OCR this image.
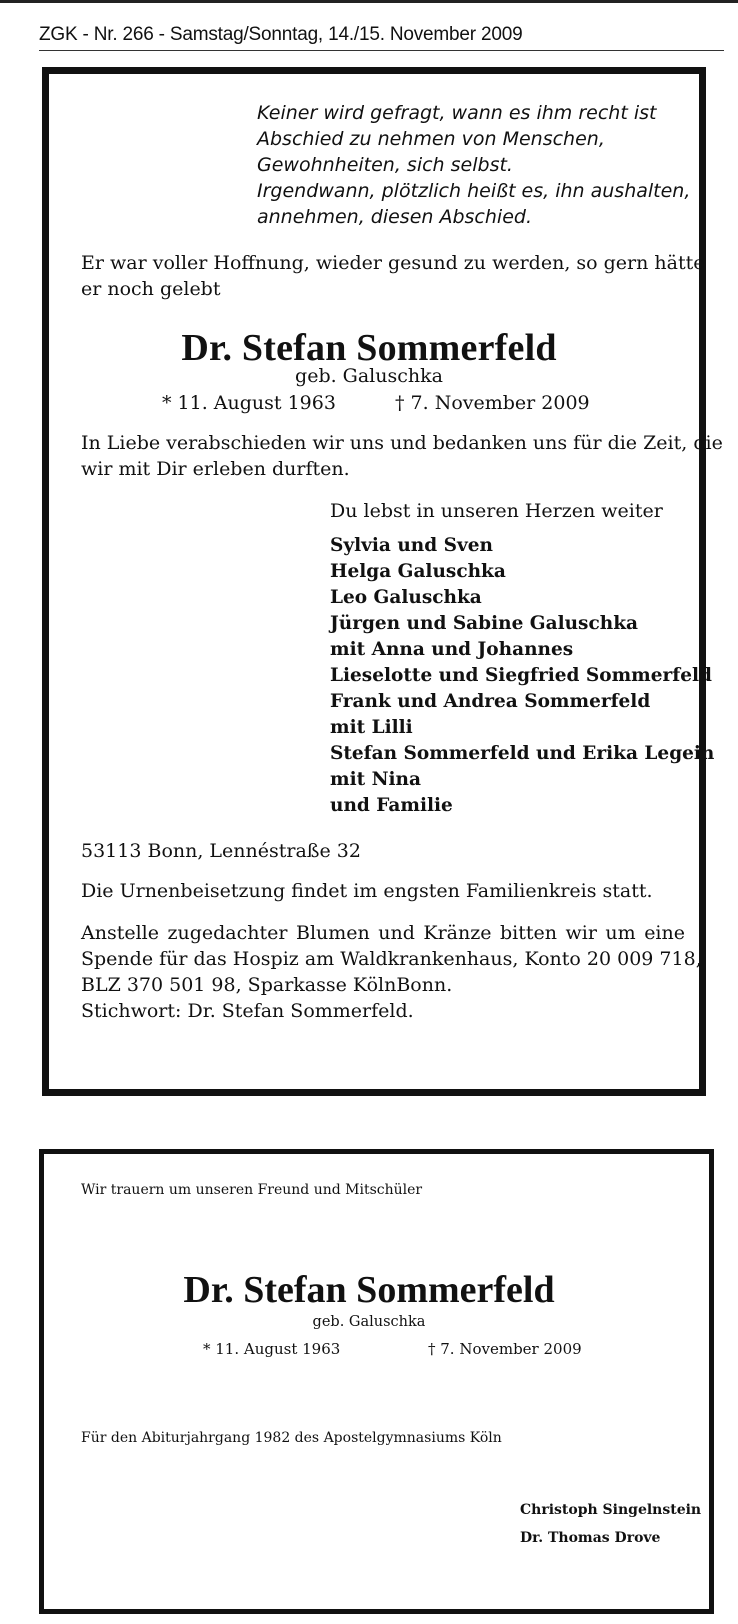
ZGK - Nr. 266 - Samstag/Sonntag, 14./15. November 2009
Keiner wird gefragt, wann es ihm recht ist
Abschied zu nehmen von Menschen,
Gewohnheiten, sich selbst.
Irgendwann, plötzlich heißt es, ihn aushalten,
annehmen, diesen Abschied.
Er war voller Hoffnung, wieder gesund zu werden, so gern hätte
er noch gelebt
Dr. Stefan Sommerfeld
geb. Galuschka
* 11. August 1963	† 7. November 2009
In Liebe verabschieden wir uns und bedanken uns für die Zeit, die
wir mit Dir erleben durften.
Du lebst in unseren Herzen weiter
Sylvia und Sven
Helga Galuschka
Leo Galuschka
Jürgen und Sabine Galuschka
mit Anna und Johannes
Lieselotte und Siegfried Sommerfeld
Frank und Andrea Sommerfeld
mit Lilli
Stefan Sommerfeld und Erika Legein
mit Nina
und Familie
53113 Bonn, Lennéstraße 32
Die Urnenbeisetzung findet im engsten Familienkreis statt.
Anstelle zugedachter Blumen und Kränze bitten wir um eine
Spende für das Hospiz am Waldkrankenhaus, Konto 20 009 718,
BLZ 370 501 98, Sparkasse KölnBonn.
Stichwort: Dr. Stefan Sommerfeld.
Wir trauern um unseren Freund und Mitschüler
Dr. Stefan Sommerfeld
geb. Galuschka
* 11. August 1963	† 7. November 2009
Für den Abiturjahrgang 1982 des Apostelgymnasiums Köln
Christoph Singelnstein
Dr. Thomas Drove
